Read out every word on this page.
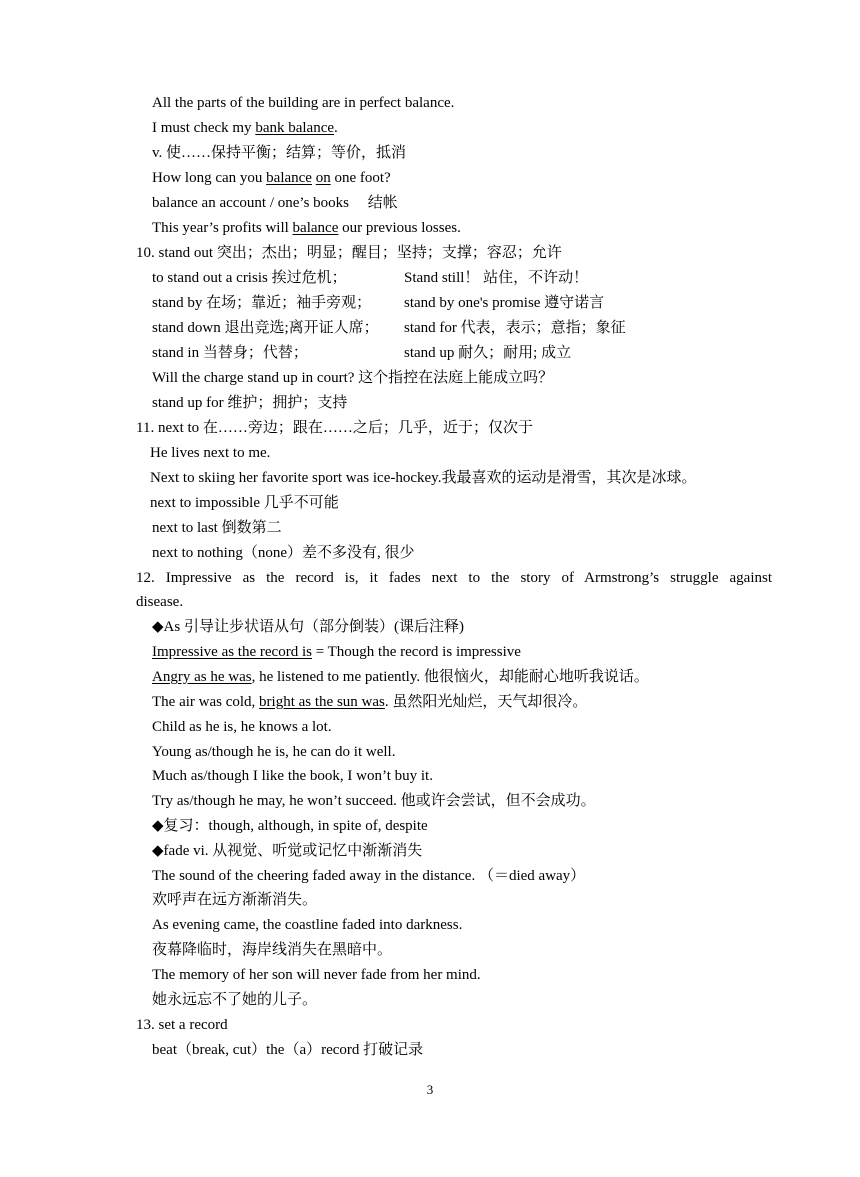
3
All the parts of the building are in perfect balance.
I must check my bank balance.
v. 使……保持平衡；结算；等价，抵消
How long can you balance on one foot?
balance an account / one’s books　 结帐
This year’s profits will balance our previous losses.
10. stand out 突出；杰出；明显；醒目；坚持；支撑；容忍；允许
to stand out a crisis 挨过危机；	Stand still！ 站住，不许动！
stand by 在场；靠近；袖手旁观； stand by one's promise 遵守诺言
stand down 退出竞选;离开证人席； stand for 代表，表示；意指；象征
stand in 当替身；代替；	stand up 耐久；耐用; 成立
Will the charge stand up in court? 这个指控在法庭上能成立吗？
stand up for 维护；拥护；支持
11. next to 在……旁边；跟在……之后；几乎，近于；仅次于
He lives next to me.
Next to skiing her favorite sport was ice-hockey.我最喜欢的运动是滑雪，其次是冰球。
next to impossible 几乎不可能
next to last 倒数第二
next to nothing（none）差不多没有, 很少
12. Impressive as the record is, it fades next to the story of Armstrong’s struggle against
disease.
◆As 引导让步状语从句（部分倒装）(课后注释)
Impressive as the record is = Though the record is impressive
Angry as he was, he listened to me patiently. 他很恼火，却能耐心地听我说话。
The air was cold, bright as the sun was. 虽然阳光灿烂，天气却很冷。
Child as he is, he knows a lot.
Young as/though he is, he can do it well.
Much as/though I like the book, I won’t buy it.
Try as/though he may, he won’t succeed. 他或许会尝试，但不会成功。
◆复习：though, although, in spite of, despite
◆fade vi. 从视觉、听觉或记忆中渐渐消失
The sound of the cheering faded away in the distance. （＝died away）
欢呼声在远方渐渐消失。
As evening came, the coastline faded into darkness.
夜幕降临时，海岸线消失在黑暗中。
The memory of her son will never fade from her mind.
她永远忘不了她的儿子。
13. set a record
beat（break, cut）the（a）record 打破记录
